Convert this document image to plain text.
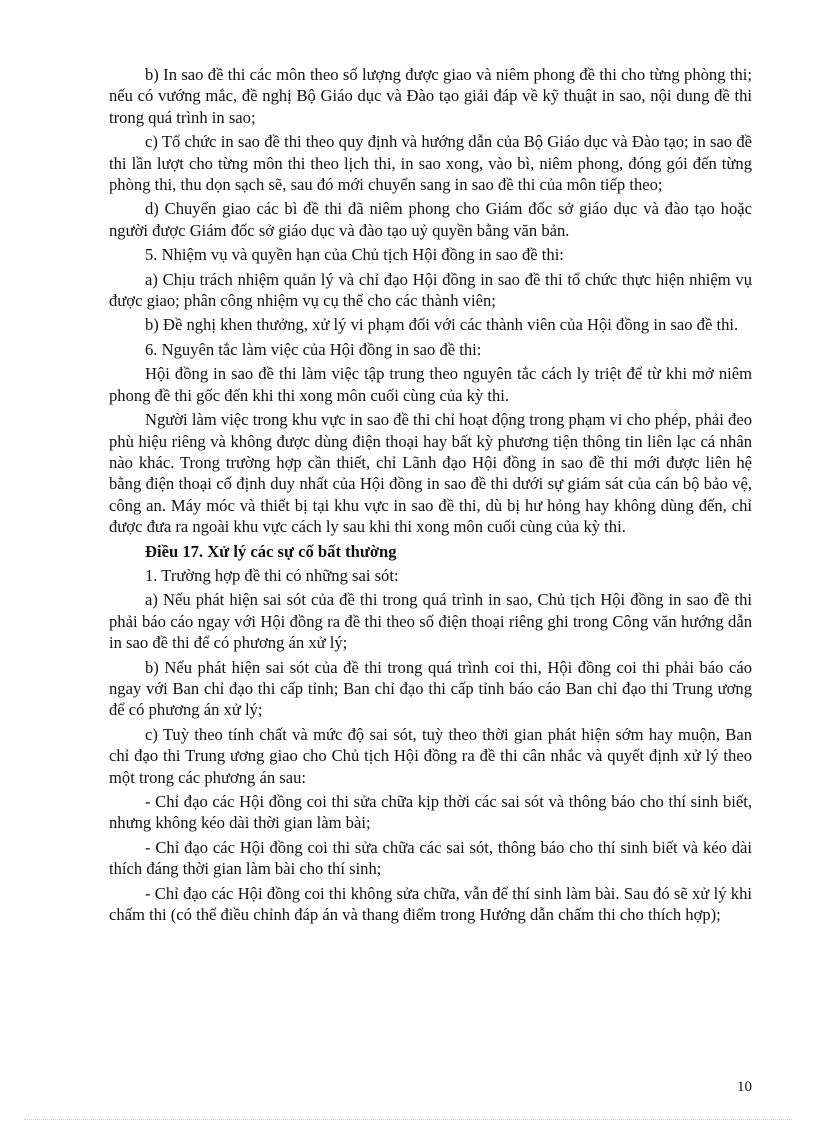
b) In sao đề thi các môn theo số lượng được giao và niêm phong đề thi cho từng phòng thi; nếu có vướng mắc, đề nghị Bộ Giáo dục và Đào tạo giải đáp về kỹ thuật in sao, nội dung đề thi trong quá trình in sao;

c) Tổ chức in sao đề thi theo quy định và hướng dẫn của Bộ Giáo dục và Đào tạo; in sao đề thi lần lượt cho từng môn thi theo lịch thi, in sao xong, vào bì, niêm phong, đóng gói đến từng phòng thi, thu dọn sạch sẽ, sau đó mới chuyển sang in sao đề thi của môn tiếp theo;

d) Chuyển giao các bì đề thi đã niêm phong cho Giám đốc sở giáo dục và đào tạo hoặc người được Giám đốc sở giáo dục và đào tạo uỷ quyền bằng văn bản.

5. Nhiệm vụ và quyền hạn của Chủ tịch Hội đồng in sao đề thi:

a) Chịu trách nhiệm quản lý và chỉ đạo Hội đồng in sao đề thi tổ chức thực hiện nhiệm vụ được giao; phân công nhiệm vụ cụ thể cho các thành viên;

b) Đề nghị khen thưởng, xử lý vi phạm đối với các thành viên của Hội đồng in sao đề thi.

6. Nguyên tắc làm việc của Hội đồng in sao đề thi:

Hội đồng in sao đề thi làm việc tập trung theo nguyên tắc cách ly triệt để từ khi mở niêm phong đề thi gốc đến khi thi xong môn cuối cùng của kỳ thi.

Người làm việc trong khu vực in sao đề thi chỉ hoạt động trong phạm vi cho phép, phải đeo phù hiệu riêng và không được dùng điện thoại hay bất kỳ phương tiện thông tin liên lạc cá nhân nào khác. Trong trường hợp cần thiết, chỉ Lãnh đạo Hội đồng in sao đề thi mới được liên hệ bằng điện thoại cố định duy nhất của Hội đồng in sao đề thi dưới sự giám sát của cán bộ bảo vệ, công an. Máy móc và thiết bị tại khu vực in sao đề thi, dù bị hư hỏng hay không dùng đến, chỉ được đưa ra ngoài khu vực cách ly sau khi thi xong môn cuối cùng của kỳ thi.

Điều 17. Xử lý các sự cố bất thường

1. Trường hợp đề thi có những sai sót:

a) Nếu phát hiện sai sót của đề thi trong quá trình in sao, Chủ tịch Hội đồng in sao đề thi phải báo cáo ngay với Hội đồng ra đề thi theo số điện thoại riêng ghi trong Công văn hướng dẫn in sao đề thi để có phương án xử lý;

b) Nếu phát hiện sai sót của đề thi trong quá trình coi thi, Hội đồng coi thi phải báo cáo ngay với Ban chỉ đạo thi cấp tỉnh; Ban chỉ đạo thi cấp tỉnh báo cáo Ban chỉ đạo thi Trung ương để có phương án xử lý;

c) Tuỳ theo tính chất và mức độ sai sót, tuỳ theo thời gian phát hiện sớm hay muộn, Ban chỉ đạo thi Trung ương giao cho Chủ tịch Hội đồng ra đề thi cân nhắc và quyết định xử lý theo một trong các phương án sau:

- Chỉ đạo các Hội đồng coi thi sửa chữa kịp thời các sai sót và thông báo cho thí sinh biết, nhưng không kéo dài thời gian làm bài;

- Chỉ đạo các Hội đồng coi thi sửa chữa các sai sót, thông báo cho thí sinh biết và kéo dài thích đáng thời gian làm bài cho thí sinh;

- Chỉ đạo các Hội đồng coi thi không sửa chữa, vẫn để thí sinh làm bài. Sau đó sẽ xử lý khi chấm thi (có thể điều chỉnh đáp án và thang điểm trong Hướng dẫn chấm thi cho thích hợp);

10
